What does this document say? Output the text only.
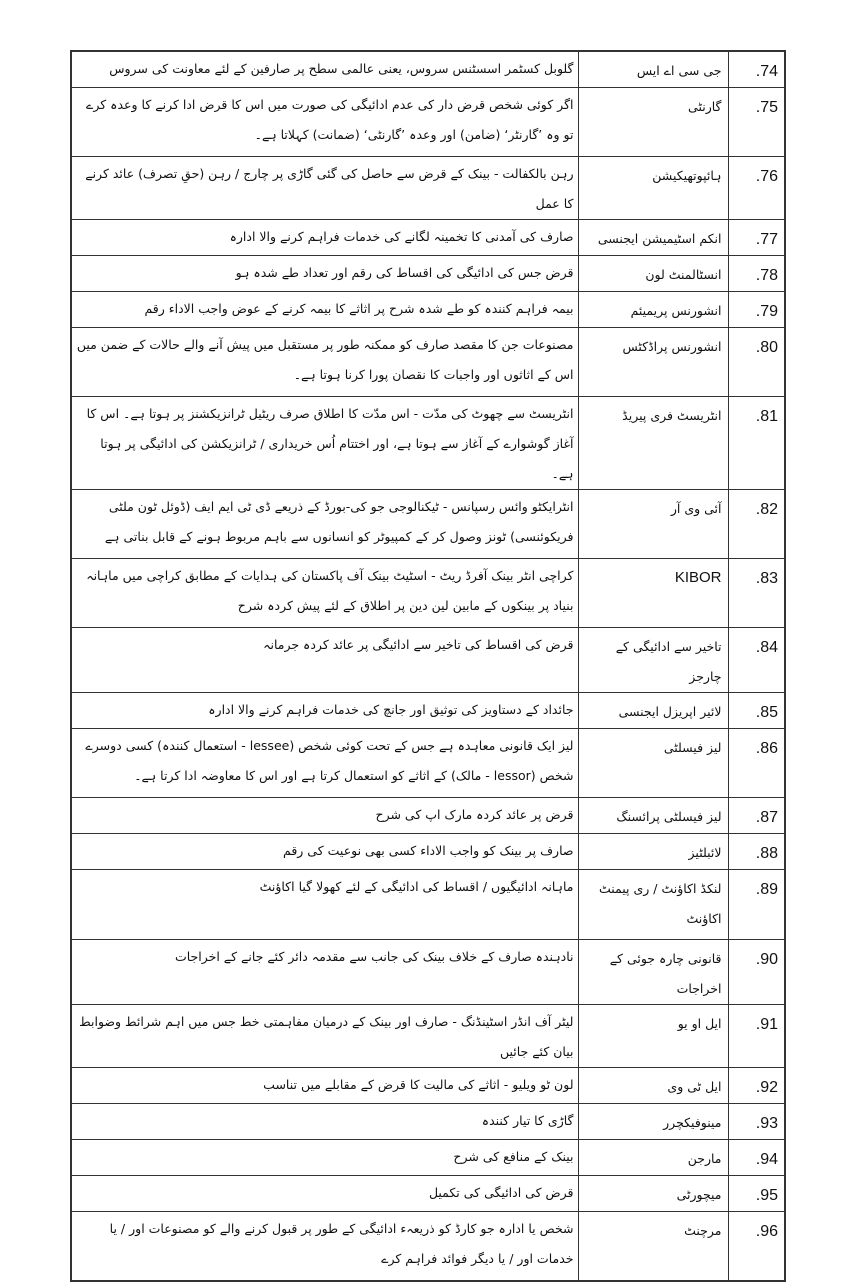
گلوبل کسٹمر اسسٹنس سروس، یعنی عالمی سطح پر صارفین کے لئے معاونت کی سروس	جی سی اے ایس	.74

اگر کوئی شخص قرض دار کی عدم ادائیگی کی صورت میں اس کا قرض ادا کرنے کا وعدہ کرے تو وہ ’گارنٹر‘ (ضامن) اور وعدہ ’گارنٹی‘ (ضمانت) کہلاتا ہے۔	گارنٹی	.75

رہن بالکفالت - بینک کے قرض سے حاصل کی گئی گاڑی پر چارج / رہن (حقِ تصرف) عائد کرنے کا عمل	ہائپوتھیکیشن	.76

صارف کی آمدنی کا تخمینہ لگانے کی خدمات فراہم کرنے والا ادارہ	انکم اسٹیمیشن ایجنسی	.77

قرض جس کی ادائیگی کی اقساط کی رقم اور تعداد طے شدہ ہو	انسٹالمنٹ لون	.78

بیمہ فراہم کنندہ کو طے شدہ شرح پر اثاثے کا بیمہ کرنے کے عوض واجب الاداء رقم	انشورنس پریمیئم	.79

مصنوعات جن کا مقصد صارف کو ممکنہ طور پر مستقبل میں پیش آنے والے حالات کے ضمن میں اس کے اثاثوں اور واجبات کا نقصان پورا کرنا ہوتا ہے۔	انشورنس پراڈکٹس	.80

انٹریسٹ سے چھوٹ کی مدّت - اس مدّت کا اطلاق صرف ریٹیل ٹرانزیکشنز پر ہوتا ہے۔ اس کا آغاز گوشوارے کے آغاز سے ہوتا ہے، اور اختتام اُس خریداری / ٹرانزیکشن کی ادائیگی پر ہوتا ہے۔	انٹریسٹ فری پیریڈ	.81

انٹرایکٹو وائس رسپانس - ٹیکنالوجی جو کی-بورڈ کے ذریعے ڈی ٹی ایم ایف (ڈوئل ٹون ملٹی فریکوئنسی) ٹونز وصول کر کے کمپیوٹر کو انسانوں سے باہم مربوط ہونے کے قابل بناتی ہے	آئی وی آر	.82

کراچی انٹر بینک آفرڈ ریٹ - اسٹیٹ بینک آف پاکستان کی ہدایات کے مطابق کراچی میں ماہانہ بنیاد پر بینکوں کے مابین لین دین پر اطلاق کے لئے پیش کردہ شرح	KIBOR	.83

قرض کی اقساط کی تاخیر سے ادائیگی پر عائد کردہ جرمانہ	تاخیر سے ادائیگی کے چارجز	.84

جائداد کے دستاویز کی توثیق اور جانچ کی خدمات فراہم کرنے والا ادارہ	لائیر اپریزل ایجنسی	.85

لیز ایک قانونی معاہدہ ہے جس کے تحت کوئی شخص (lessee - استعمال کنندہ) کسی دوسرے شخص (lessor - مالک) کے اثاثے کو استعمال کرتا ہے اور اس کا معاوضہ ادا کرتا ہے۔	لیز فیسلٹی	.86

قرض پر عائد کردہ مارک اپ کی شرح	لیز فیسلٹی پرائسنگ	.87

صارف پر بینک کو واجب الاداء کسی بھی نوعیت کی رقم	لائبلٹیز	.88

ماہانہ ادائیگیوں / اقساط کی ادائیگی کے لئے کھولا گیا اکاؤنٹ	لنکڈ اکاؤنٹ / ری پیمنٹ اکاؤنٹ	.89

نادہندہ صارف کے خلاف بینک کی جانب سے مقدمہ دائر کئے جانے کے اخراجات	قانونی چارہ جوئی کے اخراجات	.90

لیٹر آف انڈر اسٹینڈنگ - صارف اور بینک کے درمیان مفاہمتی خط جس میں اہم شرائط وضوابط بیان کئے جائیں	ایل او یو	.91

لون ٹو ویلیو - اثاثے کی مالیت کا قرض کے مقابلے میں تناسب	ایل ٹی وی	.92

گاڑی کا تیار کنندہ	مینوفیکچرر	.93

بینک کے منافع کی شرح	مارجن	.94

قرض کی ادائیگی کی تکمیل	میچورٹی	.95

شخص یا ادارہ جو کارڈ کو ذریعہء ادائیگی کے طور پر قبول کرنے والے کو مصنوعات اور / یا خدمات اور / یا دیگر فوائد فراہم کرے	مرچنٹ	.96
